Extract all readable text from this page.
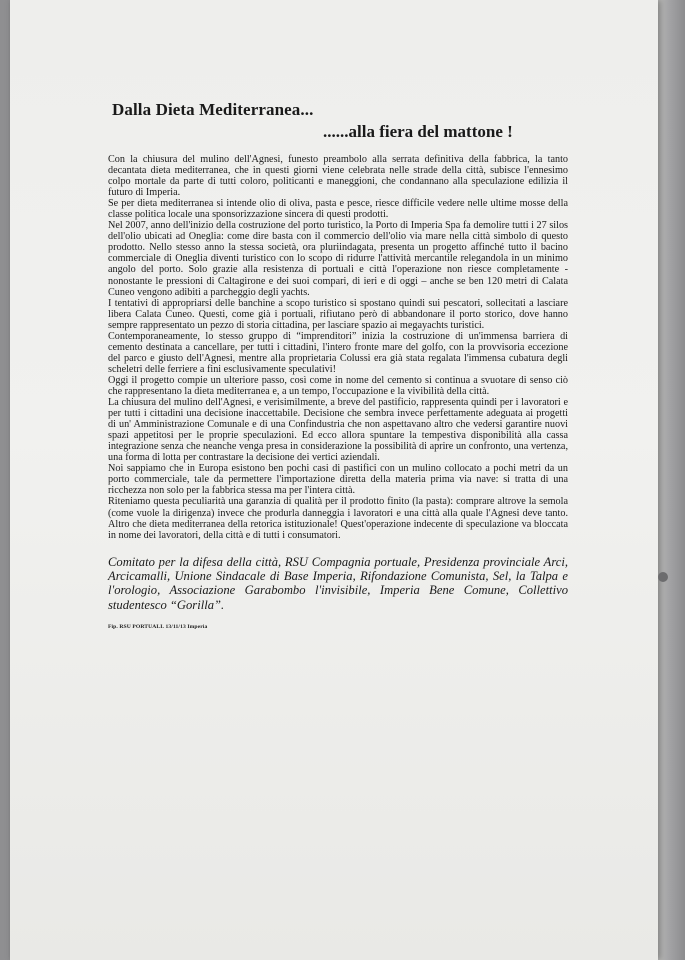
Dalla Dieta Mediterranea...
......alla fiera del mattone !

Con la chiusura del mulino dell'Agnesi, funesto preambolo alla serrata definitiva della fabbrica, la tanto decantata dieta mediterranea, che in questi giorni viene celebrata nelle strade della città, subisce l'ennesimo colpo mortale da parte di tutti coloro, politicanti e maneggioni, che condannano alla speculazione edilizia il futuro di Imperia.

Se per dieta mediterranea si intende olio di oliva, pasta e pesce, riesce difficile vedere nelle ultime mosse della classe politica locale una sponsorizzazione sincera di questi prodotti.

Nel 2007, anno dell'inizio della costruzione del porto turistico, la Porto di Imperia Spa fa demolire tutti i 27 silos dell'olio ubicati ad Oneglia: come dire basta con il commercio dell'olio via mare nella città simbolo di questo prodotto. Nello stesso anno la stessa società, ora pluriindagata, presenta un progetto affinché tutto il bacino commerciale di Oneglia diventi turistico con lo scopo di ridurre l'attività mercantile relegandola in un minimo angolo del porto. Solo grazie alla resistenza di portuali e città l'operazione non riesce completamente - nonostante le pressioni di Caltagirone e dei suoi compari, di ieri e di oggi – anche se ben 120 metri di Calata Cuneo vengono adibiti a parcheggio degli yachts.

I tentativi di appropriarsi delle banchine a scopo turistico si spostano quindi sui pescatori, sollecitati a lasciare libera Calata Cuneo. Questi, come già i portuali, rifiutano però di abbandonare il porto storico, dove hanno sempre rappresentato un pezzo di storia cittadina, per lasciare spazio ai megayachts turistici.

Contemporaneamente, lo stesso gruppo di “imprenditori” inizia la costruzione di un'immensa barriera di cemento destinata a cancellare, per tutti i cittadini, l'intero fronte mare del golfo, con la provvisoria eccezione del parco e giusto dell'Agnesi, mentre alla proprietaria Colussi era già stata regalata l'immensa cubatura degli scheletri delle ferriere a fini esclusivamente speculativi!

Oggi il progetto compie un ulteriore passo, così come in nome del cemento si continua a svuotare di senso ciò che rappresentano la dieta mediterranea e, a un tempo, l'occupazione e la vivibilità della città.

La chiusura del mulino dell'Agnesi, e verisimilmente, a breve del pastificio, rappresenta quindi per i lavoratori e per tutti i cittadini una decisione inaccettabile. Decisione che sembra invece perfettamente adeguata ai progetti di un' Amministrazione Comunale e di una Confindustria che non aspettavano altro che vedersi garantire nuovi spazi appetitosi per le proprie speculazioni. Ed ecco allora spuntare la tempestiva disponibilità alla cassa integrazione senza che neanche venga presa in considerazione la possibilità di aprire un confronto, una vertenza, una forma di lotta per contrastare la decisione dei vertici aziendali.

Noi sappiamo che in Europa esistono ben pochi casi di pastifici con un mulino collocato a pochi metri da un porto commerciale, tale da permettere l'importazione diretta della materia prima via nave: si tratta di una ricchezza non solo per la fabbrica stessa ma per l'intera città.

Riteniamo questa peculiarità una garanzia di qualità per il prodotto finito (la pasta): comprare altrove la semola (come vuole la dirigenza) invece che produrla danneggia i lavoratori e una città alla quale l'Agnesi deve tanto. Altro che dieta mediterranea della retorica istituzionale! Quest'operazione indecente di speculazione va bloccata in nome dei lavoratori, della città e di tutti i consumatori.

Comitato per la difesa della città, RSU Compagnia portuale, Presidenza provinciale Arci, Arcicamalli, Unione Sindacale di Base Imperia, Rifondazione Comunista, Sel, la Talpa e l'orologio, Associazione Garabombo l'invisibile, Imperia Bene Comune, Collettivo studentesco “Gorilla”.

Fip. RSU PORTUALI. 13/11/13 Imperia
